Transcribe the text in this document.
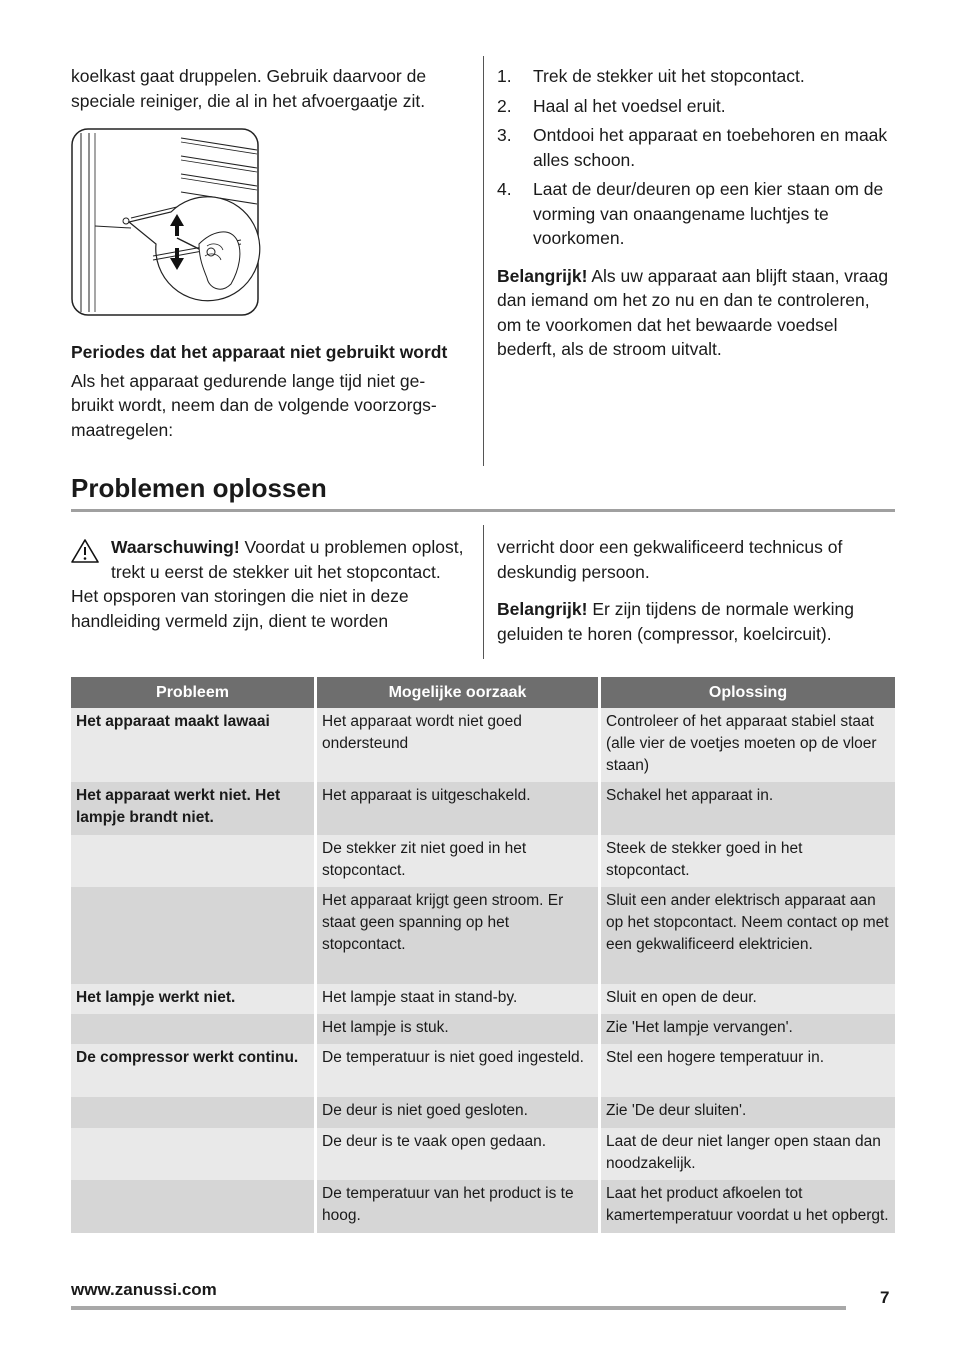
koelkast gaat druppelen. Gebruik daarvoor de speciale reiniger, die al in het afvoergaatje zit.

Periodes dat het apparaat niet gebruikt wordt

Als het apparaat gedurende lange tijd niet ge-
bruikt wordt, neem dan de volgende voorzorgs-
maatregelen:

1.	Trek de stekker uit het stopcontact.
2.	Haal al het voedsel eruit.
3.	Ontdooi het apparaat en toebehoren en maak alles schoon.
4.	Laat de deur/deuren op een kier staan om de vorming van onaangename luchtjes te voorkomen.

Belangrijk! Als uw apparaat aan blijft staan, vraag dan iemand om het zo nu en dan te controleren, om te voorkomen dat het bewaarde voedsel bederft, als de stroom uitvalt.

Problemen oplossen

Waarschuwing! Voordat u problemen oplost, trekt u eerst de stekker uit het stopcontact.

Het opsporen van storingen die niet in deze handleiding vermeld zijn, dient te worden

verricht door een gekwalificeerd technicus of deskundig persoon.

Belangrijk! Er zijn tijdens de normale werking geluiden te horen (compressor, koelcircuit).

Probleem	Mogelijke oorzaak	Oplossing
Het apparaat maakt lawaai	Het apparaat wordt niet goed ondersteund	Controleer of het apparaat stabiel staat (alle vier de voetjes moeten op de vloer staan)
Het apparaat werkt niet. Het lampje brandt niet.	Het apparaat is uitgeschakeld.	Schakel het apparaat in.
	De stekker zit niet goed in het stopcontact.	Steek de stekker goed in het stopcontact.
	Het apparaat krijgt geen stroom. Er staat geen spanning op het stopcontact.	Sluit een ander elektrisch apparaat aan op het stopcontact. Neem contact op met een gekwalificeerd elektricien.
Het lampje werkt niet.	Het lampje staat in stand-by.	Sluit en open de deur.
	Het lampje is stuk.	Zie 'Het lampje vervangen'.
De compressor werkt continu.	De temperatuur is niet goed ingesteld.	Stel een hogere temperatuur in.
	De deur is niet goed gesloten.	Zie 'De deur sluiten'.
	De deur is te vaak open gedaan.	Laat de deur niet langer open staan dan noodzakelijk.
	De temperatuur van het product is te hoog.	Laat het product afkoelen tot kamertemperatuur voordat u het opbergt.
www.zanussi.com	7
